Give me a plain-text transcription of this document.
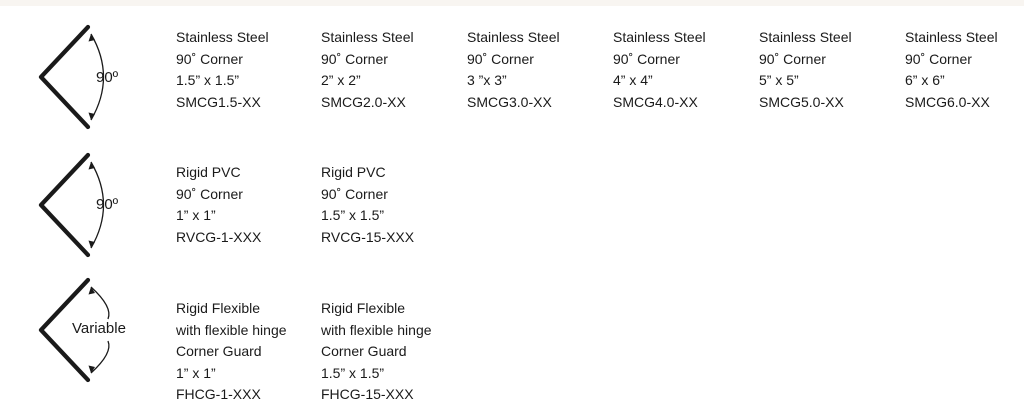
90º
Stainless Steel
90˚ Corner
1.5” x 1.5”
SMCG1.5-XX
Stainless Steel
90˚ Corner
2” x 2”
SMCG2.0-XX
Stainless Steel
90˚ Corner
3 ”x 3”
SMCG3.0-XX
Stainless Steel
90˚ Corner
4” x 4”
SMCG4.0-XX
Stainless Steel
90˚ Corner
5” x 5”
SMCG5.0-XX
Stainless Steel
90˚ Corner
6” x 6”
SMCG6.0-XX
90º
Rigid PVC
90˚ Corner
1” x 1”
RVCG-1-XXX
Rigid PVC
90˚ Corner
1.5” x 1.5”
RVCG-15-XXX
Variable
Rigid Flexible
with flexible hinge
Corner Guard
1” x 1”
FHCG-1-XXX
Rigid Flexible
with flexible hinge
Corner Guard
1.5” x 1.5”
FHCG-15-XXX
